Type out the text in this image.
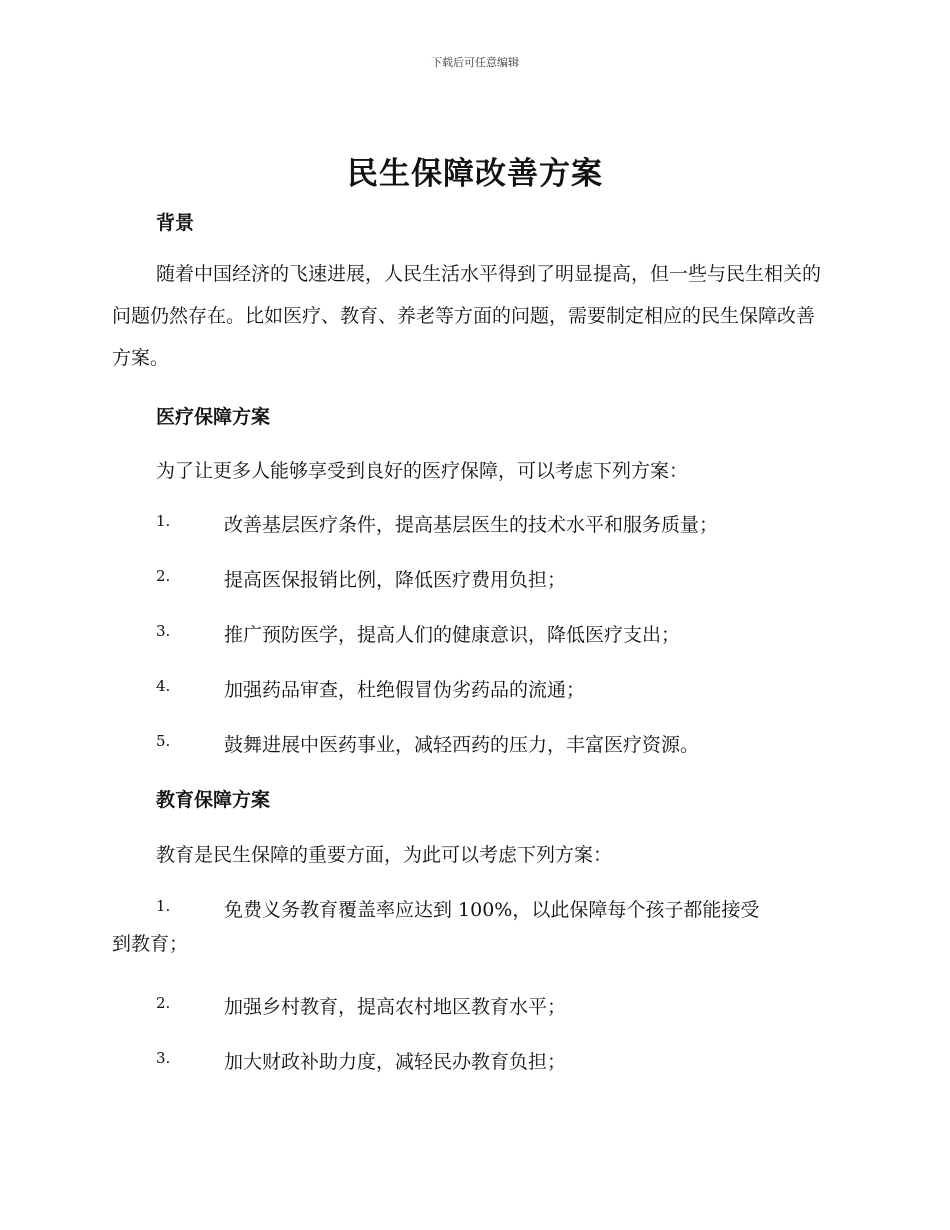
下载后可任意编辑
民生保障改善方案
背景

随着中国经济的飞速进展，人民生活水平得到了明显提高，但一些与民生相关的问题仍然存在。比如医疗、教育、养老等方面的问题，需要制定相应的民生保障改善方案。

医疗保障方案

为了让更多人能够享受到良好的医疗保障，可以考虑下列方案：

1.	改善基层医疗条件，提高基层医生的技术水平和服务质量；
2.	提高医保报销比例，降低医疗费用负担；
3.	推广预防医学，提高人们的健康意识，降低医疗支出；
4.	加强药品审查，杜绝假冒伪劣药品的流通；
5.	鼓舞进展中医药事业，减轻西药的压力，丰富医疗资源。
教育保障方案

教育是民生保障的重要方面，为此可以考虑下列方案：

1.	免费义务教育覆盖率应达到 100%，以此保障每个孩子都能接受
到教育；
2.	加强乡村教育，提高农村地区教育水平；
3.	加大财政补助力度，减轻民办教育负担；
